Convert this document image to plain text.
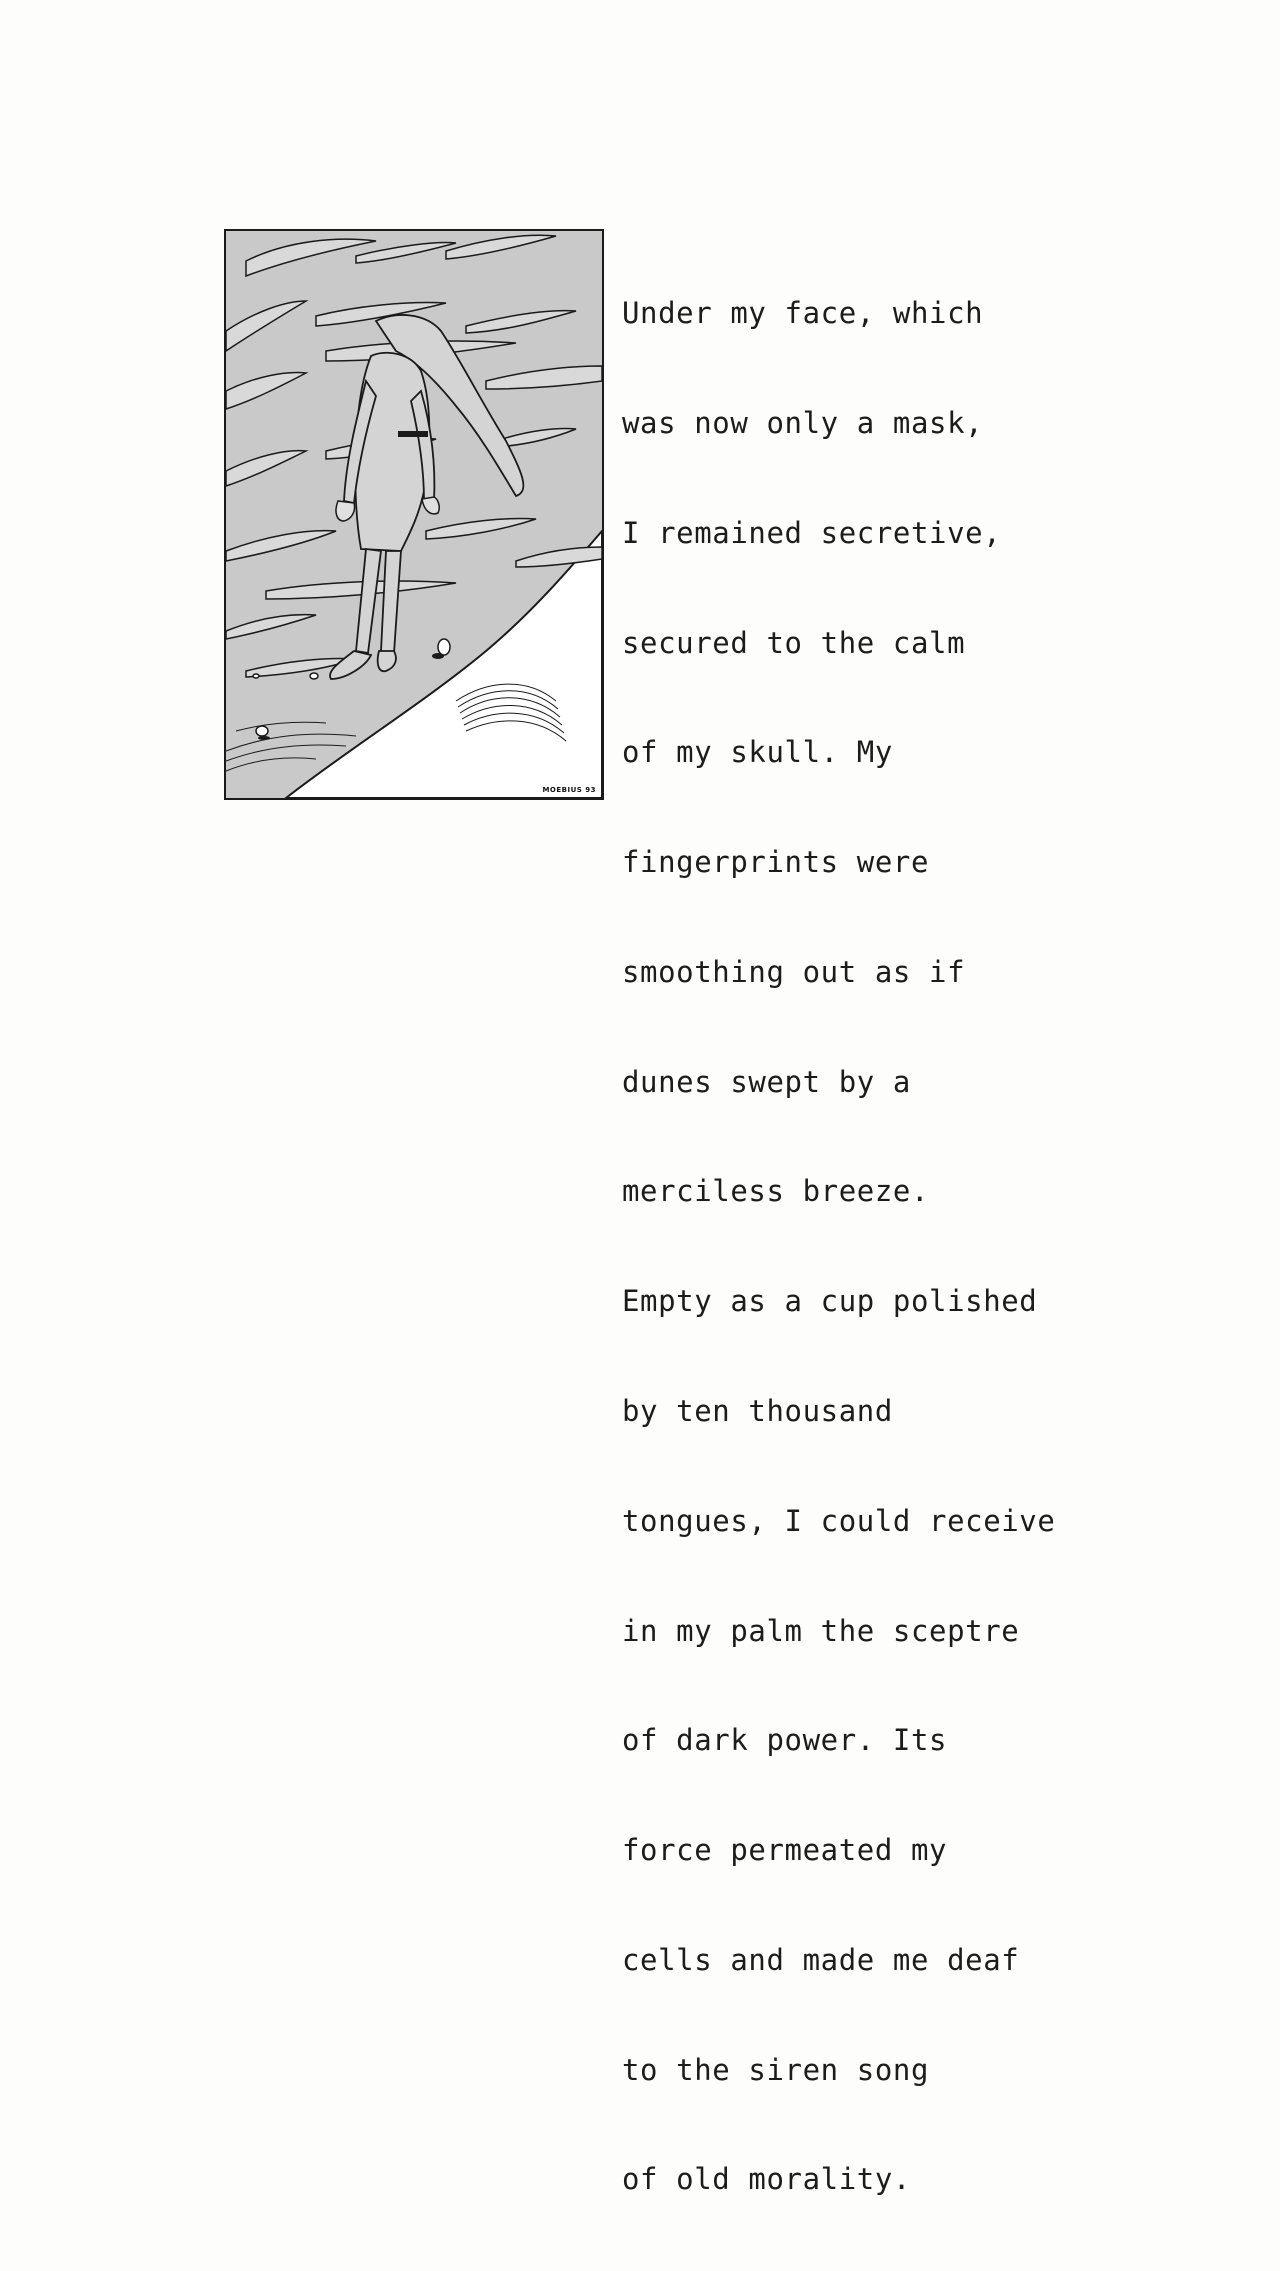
MOEBIUS 93

Under my face, which

was now only a mask,

I remained secretive,

secured to the calm

of my skull. My

fingerprints were

smoothing out as if

dunes swept by a

merciless breeze.

Empty as a cup polished

by ten thousand

tongues, I could receive

in my palm the sceptre

of dark power. Its

force permeated my

cells and made me deaf

to the siren song

of old morality.
